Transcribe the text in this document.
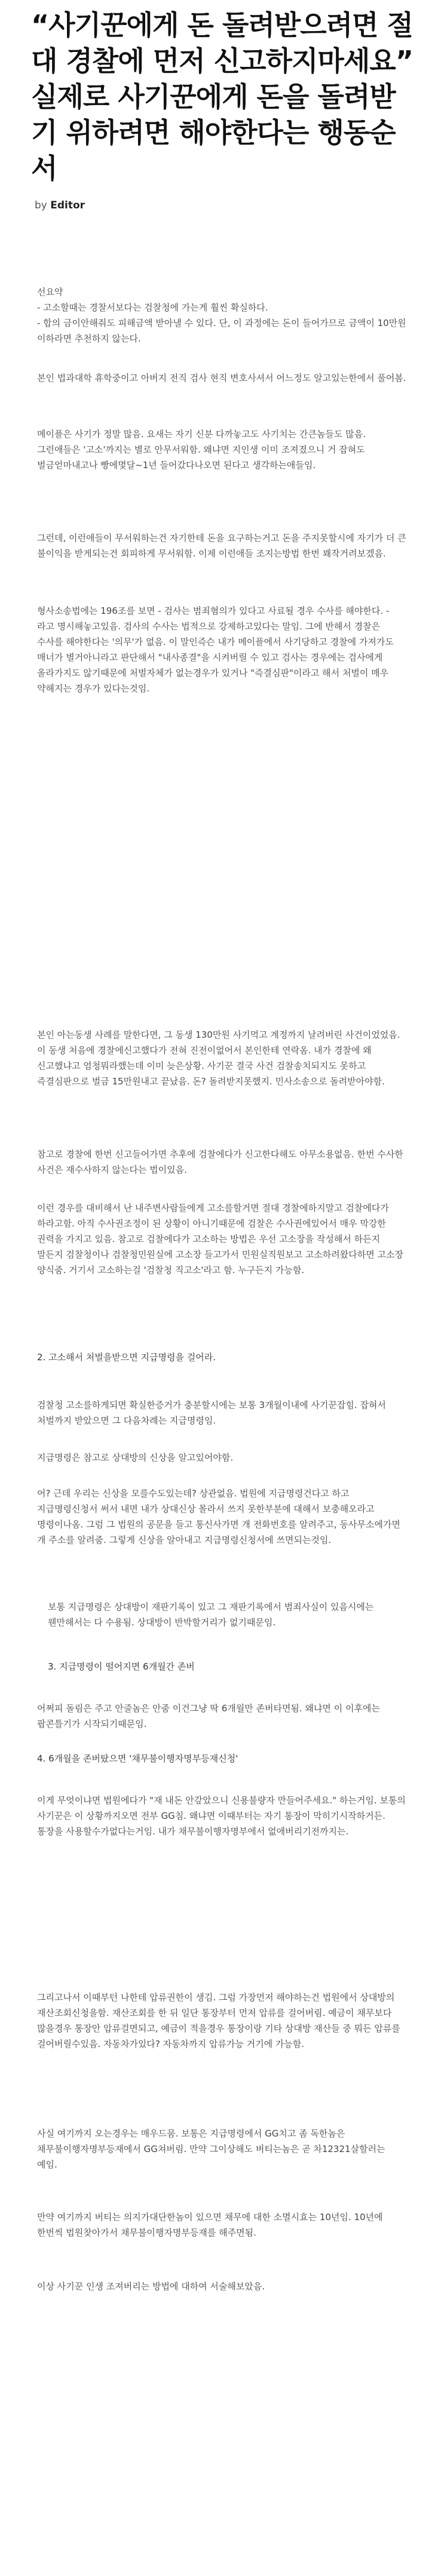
“사기꾼에게 돈 돌려받으려면 절대 경찰에 먼저 신고하지마세요” 실제로 사기꾼에게 돈을 돌려받기 위하려면 해야한다는 행동순서
by Editor

선요약
- 고소할때는 경찰서보다는 검찰청에 가는게 훨씬 확실하다.
- 합의 금이안해줘도 피해금액 받아낼 수 있다. 단, 이 과정에는 돈이 들어가므로 금액이 10만원 이하라면 추천하지 않는다.

본인 법과대학 휴학중이고 아버지 전직 검사 현직 변호사셔서 어느정도 알고있는한에서 풀어봄.

메이플은 사기가 정말 많음. 요새는 자기 신분 다까놓고도 사기치는 간큰놈들도 많음. 그런애들은 '고소'까지는 별로 안무서워함. 왜냐면 지인생 이미 조져졌으니 거 잡혀도 벌금얻마내고나 빵에몇달~1년 들어갔다나오면 된다고 생각하는애들임.

그런데, 이런애들이 무서워하는건 자기한테 돈을 요구하는거고 돈을 주지못할시에 자기가 더 큰 불이익을 받게되는건 회피하게 무서워함. 이제 이런애들 조지는방법 한번 꽤작거려보겠음.

형사소송법에는 196조를 보면 - 검사는 범죄혐의가 있다고 사료될 경우 수사를 해야한다. - 라고 명시해놓고있음. 검사의 수사는 법적으로 강제하고있다는 말임. 그에 반해서 경찰은 수사를 해야한다는 '의무'가 없음. 이 말인즉슨 내가 메이플에서 사기당하고 경찰에 가져가도 매너가 별거아니라고 판단해서 "내사종결"을 시켜버릴 수 있고 검사는 경우에는 검사에게 올라가지도 않기때문에 처벌자체가 없는경우가 있거나 "즉결심판"이라고 해서 처벌이 매우 약해지는 경우가 있다는것임.

본인 아는동생 사례를 말한다면, 그 동생 130만원 사기먹고 계정까지 날려버린 사건이었었음. 이 동생 처음에 경찰에신고했다가 전혀 진전이없어서 본인한테 연락옴. 내가 경찰에 왜 신고했냐고 엄청뭐라했는데 이미 늦은상황. 사기꾼 결국 사건 검찰송치되지도 못하고 즉결심판으로 벌금 15만원내고 끝났음. 돈? 돌려받지못했지. 민사소송으로 돌려받아야함.

참고로 경찰에 한번 신고들어가면 추후에 검찰에다가 신고한다해도 아무소용없음. 한번 수사한 사건은 재수사하지 않는다는 법이있음.

이런 경우를 대비해서 난 내주변사람들에게 고소를할거면 절대 경찰에하지말고 검찰에다가 하라고함. 아직 수사권조정이 된 상황이 아니기때문에 검찰은 수사권에있어서 매우 막강한 권력을 가지고 있음. 참고로 검찰에다가 고소하는 방법은 우선 고소장을 작성해서 하든지 말든지 검찰청이나 검찰청민원실에 고소장 들고가서 민원실직원보고 고소하려왔다하면 고소장 양식줌. 거기서 고소하는걸 '검찰청 직고소'라고 함. 누구든지 가능함.

2. 고소해서 처벌을받으면 지급명령을 걸어라.

검찰청 고소를하게되면 확실한증거가 충분할시에는 보통 3개월이내에 사기꾼잡힘. 잡혀서 처벌까지 받았으면 그 다음차례는 지급명령임.

지급명령은 참고로 상대방의 신상을 알고있어야함.

어? 근데 우리는 신상을 모를수도있는데? 상관없음. 법원에 지급명령건다고 하고 지급명령신청서 써서 내면 내가 상대신상 몰라서 쓰지 못한부분에 대해서 보충해오라고 명령이나옴. 그럼 그 법원의 공문을 들고 통신사가면 개 전화번호를 알려주고, 동사무소에가면 개 주소를 알려줌. 그렇게 신상을 알아내고 지급명령신청서에 쓰면되는것임.

보통 지급명령은 상대방이 재판기록이 있고 그 재판기록에서 범죄사실이 있음시에는 웬만해서는 다 수용됨. 상대방이 반박할거리가 없기때문임.

3. 지급명령이 떨어지면 6개월간 존버

어쩌피 돌림은 주고 안줄놈은 안줌 이건그냥 딱 6개월만 존버타면됨. 왜냐면 이 이후에는 팝콘틀기가 시작되기때문임.

4. 6개월을 존버탔으면 '채무불이행자명부등재신청'

이게 무엇이냐면 법원에다가 "재 내돈 안갚았으니 신용불량자 만들어주세요." 하는거임. 보통의 사기꾼은 이 상황까지오면 전부 GG침. 왜냐면 이때부터는 자기 통장이 막히기시작하거든. 통장을 사용할수가없다는거임. 내가 채무불이행자명부에서 없애버리기전까지는.

그리고나서 이때부턴 나한테 압류권한이 생김. 그럼 가장먼저 해야하는건 법원에서 상대방의 재산조회신청을함. 재산조회를 한 뒤 일단 통장부터 먼저 압류를 걸어버림. 예금이 채무보다 많을경우 통장안 압류걸면되고, 예금이 적을경우 통장이랑 기타 상대방 재산들 중 뭐든 압류를 걸어버릴수있음. 자동차가있다? 자동차까지 압류가능 거기에 가능함.

사실 여기까지 오는경우는 매우드뭄. 보통은 지급명령에서 GG치고 좀 독한놈은 채무불이행자명부등재에서 GG쳐버림. 만약 그이상해도 버티는놈은 곧 차12321살할러는 예임.

만약 여기까지 버티는 의지가대단한놈이 있으면 채무에 대한 소멸시효는 10년임. 10년에 한번씩 법원찾아가서 채무불이행자명부등재를 해주면됨.

이상 사기꾼 인생 조져버리는 방법에 대하여 서술해보았음.
